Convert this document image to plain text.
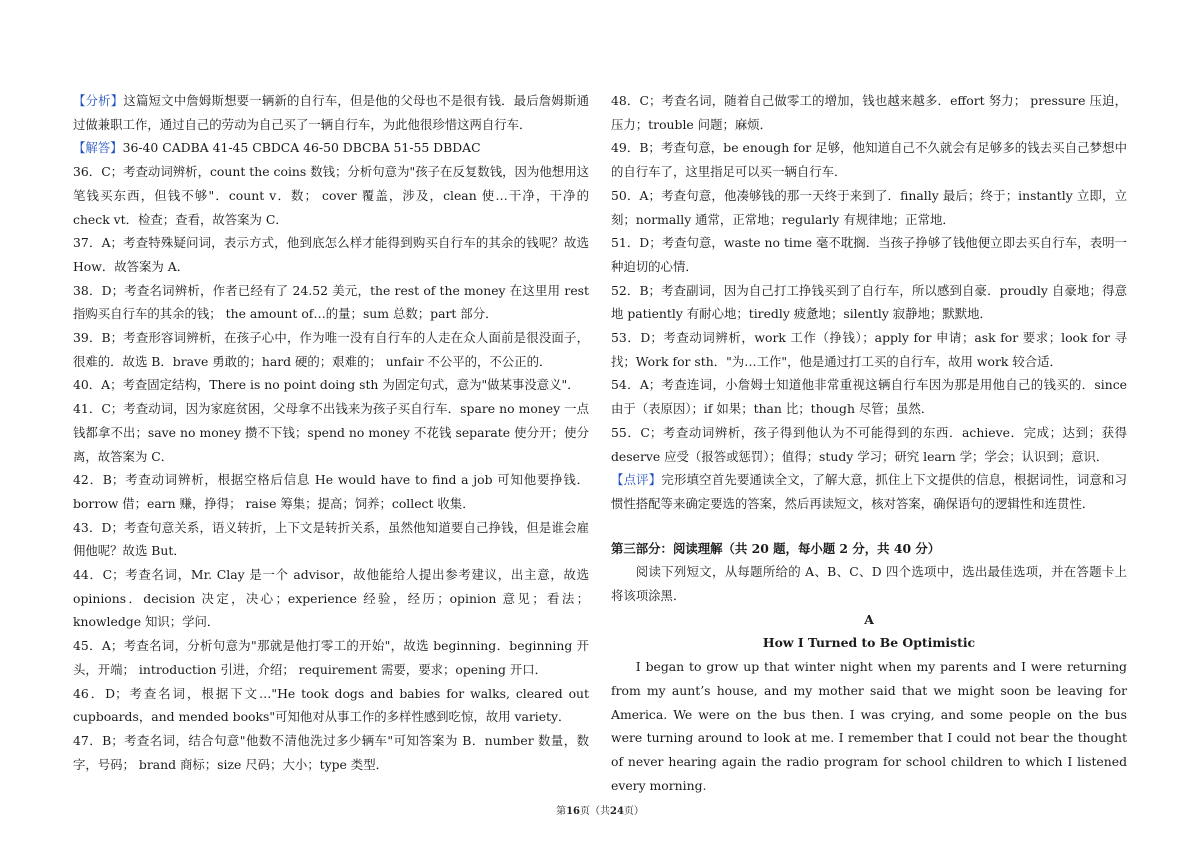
【分析】这篇短文中詹姆斯想要一辆新的自行车，但是他的父母也不是很有钱．最后詹姆斯通过做兼职工作，通过自己的劳动为自己买了一辆自行车，为此他很珍惜这两自行车．

【解答】36-40 CADBA 41-45 CBDCA 46-50 DBCBA 51-55 DBDAC

36．C；考查动词辨析，count the coins 数钱；分析句意为"孩子在反复数钱，因为他想用这笔钱买东西，但钱不够"．count v．数； cover 覆盖，涉及，clean 使…干净，干净的 check vt．检查；查看，故答案为 C．

37．A；考查特殊疑问词，表示方式，他到底怎么样才能得到购买自行车的其余的钱呢？故选How．故答案为 A．

38．D；考查名词辨析，作者已经有了 24.52 美元，the rest of the money 在这里用 rest 指购买自行车的其余的钱； the amount of…的量；sum 总数；part 部分．

39．B；考查形容词辨析，在孩子心中，作为唯一没有自行车的人走在众人面前是很没面子，很难的．故选 B．brave 勇敢的；hard 硬的；艰难的； unfair 不公平的，不公正的．

40．A；考查固定结构，There is no point doing sth 为固定句式，意为"做某事没意义"．

41．C；考查动词，因为家庭贫困，父母拿不出钱来为孩子买自行车．spare no money 一点钱都拿不出；save no money 攒不下钱；spend no money 不花钱 separate 使分开；使分离，故答案为 C．

42．B；考查动词辨析，根据空格后信息 He would have to find a job 可知他要挣钱．borrow 借；earn 赚，挣得； raise 筹集；提高；饲养；collect 收集．

43．D；考查句意关系，语义转折，上下文是转折关系，虽然他知道要自己挣钱，但是谁会雇佣他呢？故选 But．

44．C；考查名词，Mr. Clay 是一个 advisor，故他能给人提出参考建议，出主意，故选opinions．decision 决定，决心；experience 经验，经历；opinion 意见；看法；knowledge 知识；学问．

45．A；考查名词，分析句意为"那就是他打零工的开始"，故选 beginning．beginning 开头，开端； introduction 引进，介绍； requirement 需要，要求；opening 开口．

46．D；考查名词，根据下文…"He took dogs and babies for walks, cleared out cupboards，and mended books"可知他对从事工作的多样性感到吃惊，故用 variety．

47．B；考查名词，结合句意"他数不清他洗过多少辆车"可知答案为 B．number 数量，数字，号码； brand 商标；size 尺码；大小；type 类型．

48．C；考查名词，随着自己做零工的增加，钱也越来越多．effort 努力； pressure 压迫，压力；trouble 问题；麻烦．

49．B；考查句意，be enough for 足够，他知道自己不久就会有足够多的钱去买自己梦想中的自行车了，这里指足可以买一辆自行车．

50．A；考查句意，他凑够钱的那一天终于来到了．finally 最后；终于；instantly 立即，立刻；normally 通常，正常地；regularly 有规律地；正常地．

51．D；考查句意，waste no time 毫不耽搁．当孩子挣够了钱他便立即去买自行车，表明一种迫切的心情．

52．B；考查副词，因为自己打工挣钱买到了自行车，所以感到自豪．proudly 自豪地；得意地 patiently 有耐心地；tiredly 疲惫地；silently 寂静地；默默地．

53．D；考查动词辨析，work 工作（挣钱）；apply for 申请；ask for 要求；look for 寻找；Work for sth．"为…工作"，他是通过打工买的自行车，故用 work 较合适．

54．A；考查连词，小詹姆士知道他非常重视这辆自行车因为那是用他自己的钱买的．since 由于（表原因）；if 如果；than 比；though 尽管；虽然．

55．C；考查动词辨析，孩子得到他认为不可能得到的东西．achieve．完成；达到；获得 deserve 应受（报答或惩罚）；值得；study 学习；研究 learn 学；学会；认识到；意识．

【点评】完形填空首先要通读全文，了解大意，抓住上下文提供的信息，根据词性，词意和习惯性搭配等来确定要选的答案，然后再读短文，核对答案，确保语句的逻辑性和连贯性．

第三部分：阅读理解（共 20 题，每小题 2 分，共 40 分）

阅读下列短文，从每题所给的 A、B、C、D 四个选项中，选出最佳选项，并在答题卡上将该项涂黑．

A

How I Turned to Be Optimistic

I began to grow up that winter night when my parents and I were returning from my aunt’s house, and my mother said that we might soon be leaving for America. We were on the bus then. I was crying, and some people on the bus were turning around to look at me. I remember that I could not bear the thought of never hearing again the radio program for school children to which I listened every morning.

第16页（共24页）
